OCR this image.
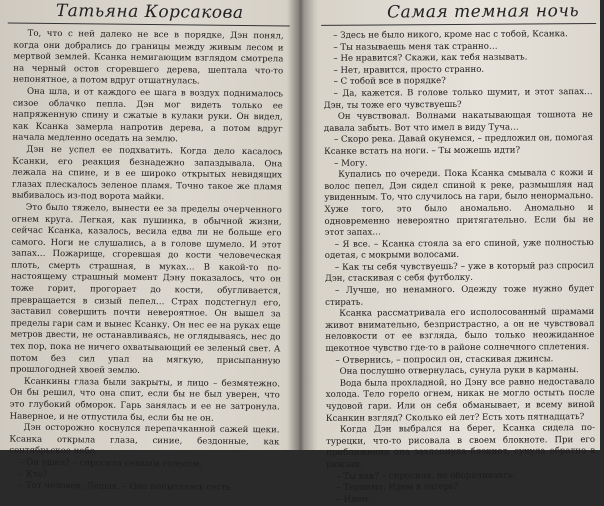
Татьяна Корсакова

То, что с ней далеко не все в порядке, Дэн понял, когда они добрались до границы между живым лесом и мертвой землей. Ксанка немигающим взглядом смотрела на черный остов сгоревшего дерева, шептала что-то непонятное, а потом вдруг отшатнулась.

Она шла, и от каждого ее шага в воздух поднималось сизое облачко пепла. Дэн мог видеть только ее напряженную спину и сжатые в кулаки руки. Он видел, как Ксанка замерла напротив дерева, а потом вдруг начала медленно оседать на землю.

Дэн не успел ее подхватить. Когда дело касалось Ксанки, его реакция безнадежно запаздывала. Она лежала на спине, и в ее широко открытых невидящих глазах плескалось зеленое пламя. Точно такое же пламя выбивалось из-под ворота майки.

Это было тяжело, вынести ее за пределы очерченного огнем круга. Легкая, как пушинка, в обычной жизни, сейчас Ксанка, казалось, весила едва ли не больше его самого. Ноги не слушались, а в голове шумело. И этот запах… Пожарище, сгоревшая до кости человеческая плоть, смерть страшная, в муках… В какой-то по-настоящему страшный момент Дэну показалось, что он тоже горит, прогорает до кости, обугливается, превращается в сизый пепел… Страх подстегнул его, заставил совершить почти невероятное. Он вышел за пределы гари сам и вынес Ксанку. Он нес ее на руках еще метров двести, не останавливаясь, не оглядываясь, нес до тех пор, пока не ничего охватывающий ее зеленый свет. А потом без сил упал на мягкую, присыпанную прошлогодней хвоей землю.

Ксанкины глаза были закрыты, и лицо – безмятежно. Он бы решил, что она спит, если бы не был уверен, что это глубокий обморок. Гарь занялась и ее не затронула. Наверное, и не отпустила бы, если бы не он.

Дэн осторожно коснулся перепачканной сажей щеки. Ксанка открыла глаза, синие, бездонные, как сентябрьское небо.

– Он ушел? – спросила севшим голосом.

– Кто?

– Тот человек. Лешак. – Она попыталась сесть.

Самая темная ночь

– Здесь не было никого, кроме нас с тобой, Ксанка.

– Ты называешь меня так странно…

– Не нравится? Скажи, как тебя называть.

– Нет, нравится, просто странно.

– С тобой все в порядке?

– Да, кажется. В голове только шумит, и этот запах… Дэн, ты тоже его чувствуешь?

Он чувствовал. Волнами накатывающая тошнота не давала забыть. Вот что имел в виду Туча…

– Скоро река. Давай окунемся, – предложил он, помогая Ксанке встать на ноги. – Ты можешь идти?

– Могу.

Купались по очереди. Пока Ксанка смывала с кожи и волос пепел, Дэн сидел спиной к реке, размышляя над увиденным. То, что случилось на гари, было ненормально. Хуже того, это было аномально. Аномально и одновременно невероятно притягательно. Если бы не этот запах…

– Я все. – Ксанка стояла за его спиной, уже полностью одетая, с мокрыми волосами.

– Как ты себя чувствуешь? – уже в который раз спросил Дэн, стаскивая с себя футболку.

– Лучше, но ненамного. Одежду тоже нужно будет стирать.

Ксанка рассматривала его исполосованный шрамами живот внимательно, безпристрастно, а он не чувствовал неловкости от ее взгляда, было только неожиданное щекотное чувство где-то в районе солнечного сплетения.

– Отвернись, – попросил он, стаскивая джинсы.

Она послушно отвернулась, сунула руки в карманы.

Вода была прохладной, но Дэну все равно недоставало холода. Тело горело огнем, никак не могло остыть после чудовой гари. Или он себя обманывает, и всему виной Ксанкин взгляд? Сколько ей лет? Есть хоть пятнадцать?

Когда Дэн выбрался на берег, Ксанка сидела по-турецки, что-то рисовала в своем блокноте. При его приближении она захлопнула блокнот, сунула обратно в рюкзак.

– Ты как? – спросила, не оборачиваясь.

– Терпимо. Идем в лагерь?

– Идем.
